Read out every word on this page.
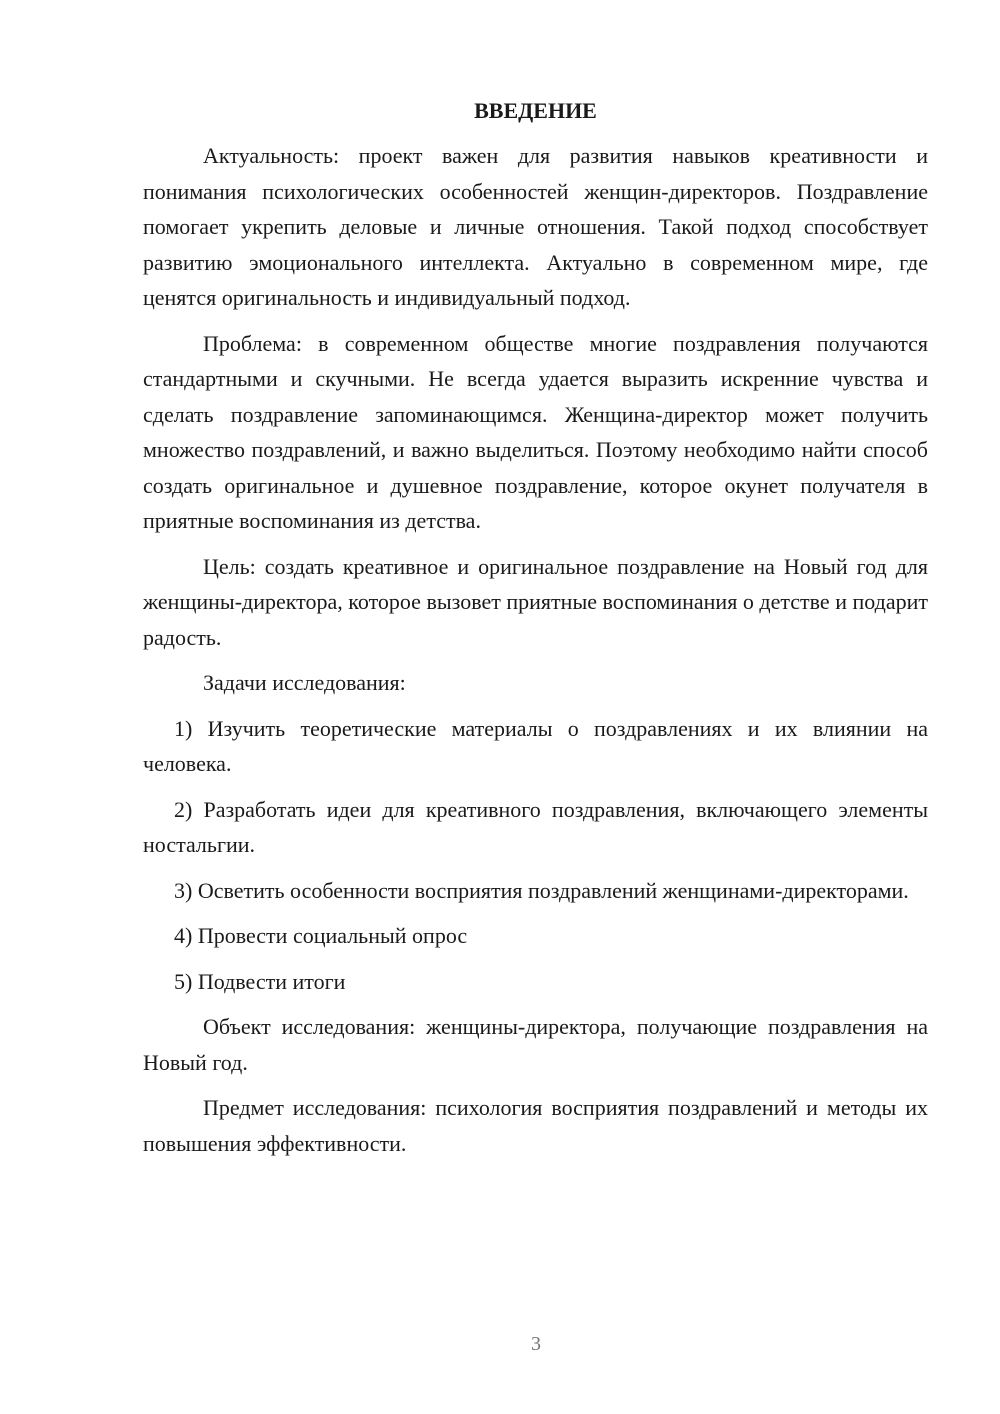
ВВЕДЕНИЕ

Актуальность: проект важен для развития навыков креативности и понимания психологических особенностей женщин-директоров. Поздравление помогает укрепить деловые и личные отношения. Такой подход способствует развитию эмоционального интеллекта. Актуально в современном мире, где ценятся оригинальность и индивидуальный подход.

Проблема: в современном обществе многие поздравления получаются стандартными и скучными. Не всегда удается выразить искренние чувства и сделать поздравление запоминающимся. Женщина-директор может получить множество поздравлений, и важно выделиться. Поэтому необходимо найти способ создать оригинальное и душевное поздравление, которое окунет получателя в приятные воспоминания из детства.

Цель: создать креативное и оригинальное поздравление на Новый год для женщины-директора, которое вызовет приятные воспоминания о детстве и подарит радость.

Задачи исследования:

1) Изучить теоретические материалы о поздравлениях и их влиянии на человека.

2) Разработать идеи для креативного поздравления, включающего элементы ностальгии.

3) Осветить особенности восприятия поздравлений женщинами-директорами.

4) Провести социальный опрос

5) Подвести итоги

Объект исследования: женщины-директора, получающие поздравления на Новый год.

Предмет исследования: психология восприятия поздравлений и методы их повышения эффективности.

3
